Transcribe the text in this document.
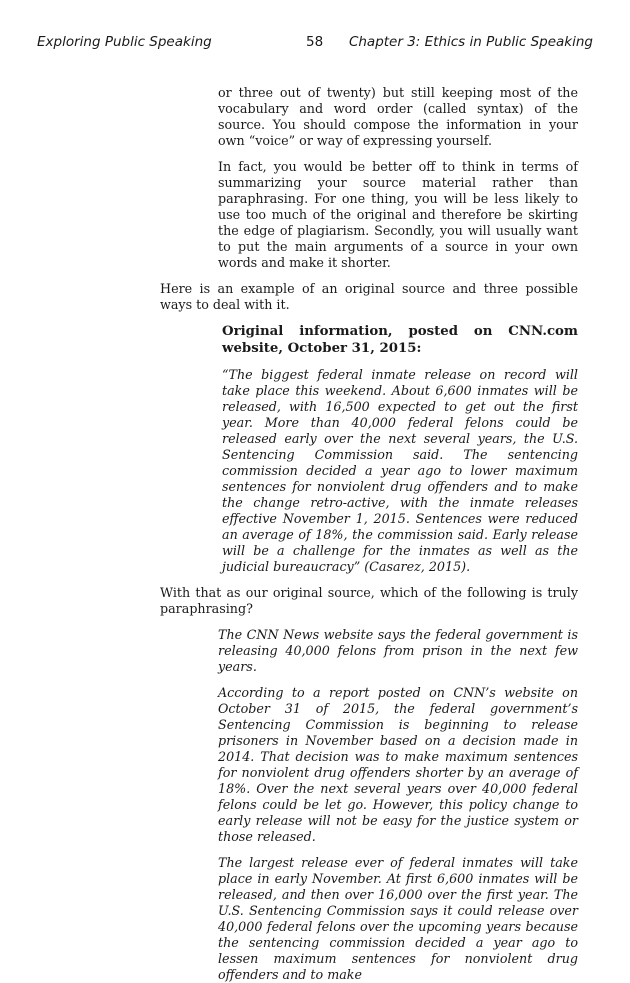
Exploring Public Speaking	58 Chapter 3: Ethics in Public Speaking

or three out of twenty) but still keeping most of the vocabulary and word order (called syntax) of the source. You should compose the information in your own “voice” or way of expressing yourself.

In fact, you would be better off to think in terms of summarizing your source material rather than paraphrasing. For one thing, you will be less likely to use too much of the original and therefore be skirting the edge of plagiarism. Secondly, you will usually want to put the main arguments of a source in your own words and make it shorter.

Here is an example of an original source and three possible ways to deal with it.

Original information, posted on CNN.com website, October 31, 2015:

“The biggest federal inmate release on record will take place this weekend. About 6,600 inmates will be released, with 16,500 expected to get out the first year. More than 40,000 federal felons could be released early over the next several years, the U.S. Sentencing Commission said. The sentencing commission decided a year ago to lower maximum sentences for nonviolent drug offenders and to make the change retro-active, with the inmate releases effective November 1, 2015. Sentences were reduced an average of 18%, the commission said. Early release will be a challenge for the inmates as well as the judicial bureaucracy” (Casarez, 2015).

With that as our original source, which of the following is truly paraphrasing?

The CNN News website says the federal government is releasing 40,000 felons from prison in the next few years.

According to a report posted on CNN’s website on October 31 of 2015, the federal government’s Sentencing Commission is beginning to release prisoners in November based on a decision made in 2014. That decision was to make maximum sentences for nonviolent drug offenders shorter by an average of 18%. Over the next several years over 40,000 federal felons could be let go. However, this policy change to early release will not be easy for the justice system or those released.

The largest release ever of federal inmates will take place in early November. At first 6,600 inmates will be released, and then over 16,000 over the first year. The U.S. Sentencing Commission says it could release over 40,000 federal felons over the upcoming years because the sentencing commission decided a year ago to lessen maximum sentences for nonviolent drug offenders and to make
